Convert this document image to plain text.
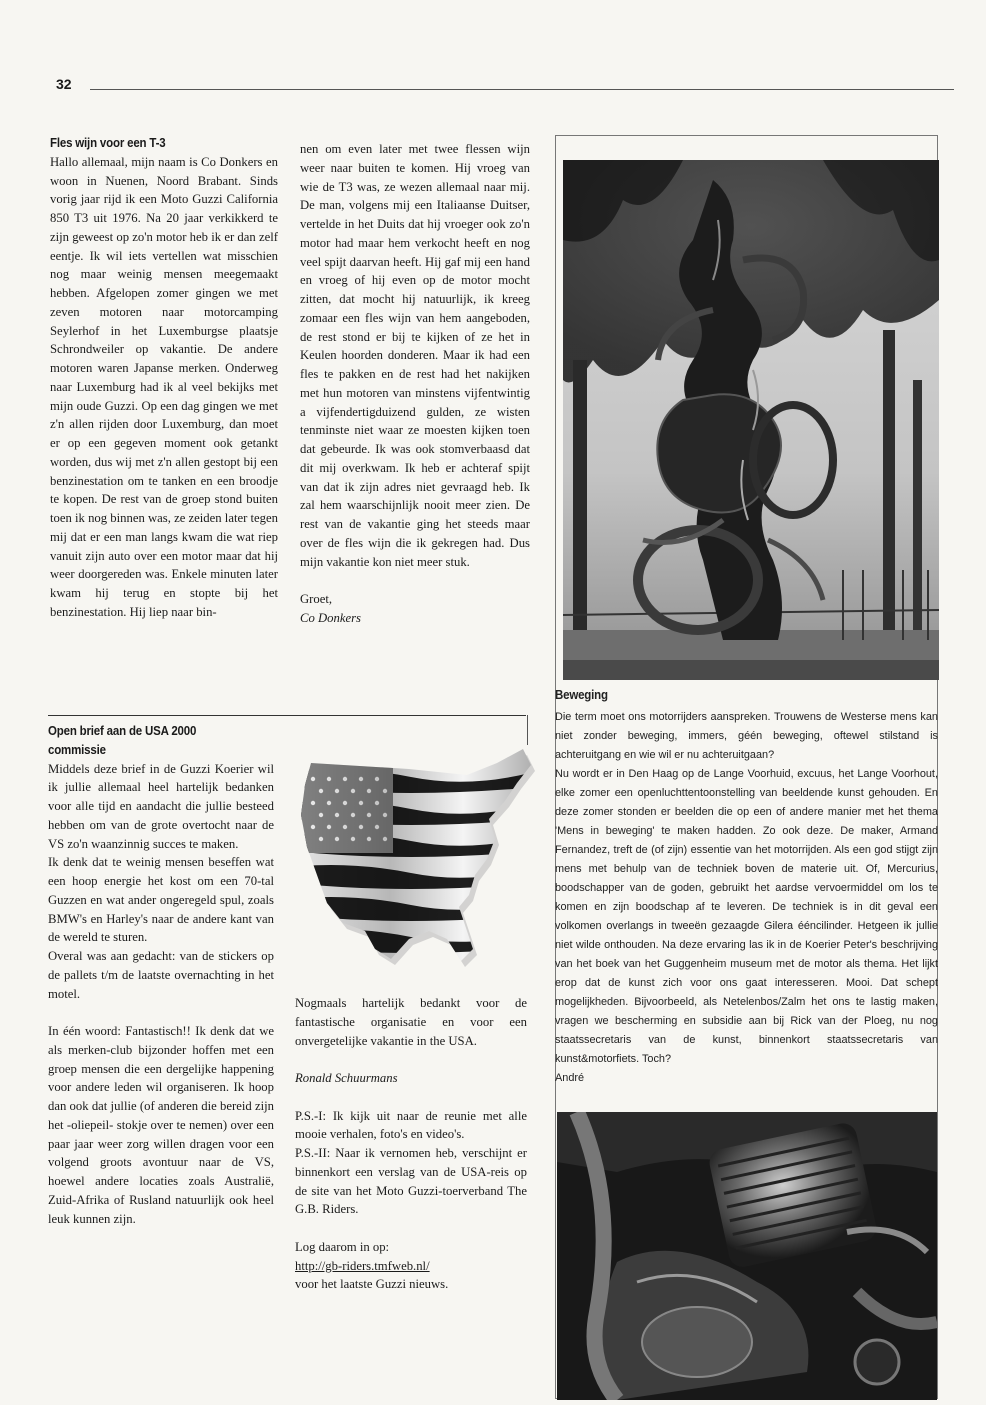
32
Fles wijn voor een T-3

Hallo allemaal, mijn naam is Co Donkers en woon in Nuenen, Noord Brabant. Sinds vorig jaar rijd ik een Moto Guzzi California 850 T3 uit 1976. Na 20 jaar verkikkerd te zijn geweest op zo'n motor heb ik er dan zelf eentje. Ik wil iets vertellen wat misschien nog maar weinig mensen meegemaakt hebben. Afgelopen zomer gingen we met zeven motoren naar motorcamping Seylerhof in het Luxemburgse plaatsje Schrondweiler op vakantie. De andere motoren waren Japanse merken. Onderweg naar Luxemburg had ik al veel bekijks met mijn oude Guzzi. Op een dag gingen we met z'n allen rijden door Luxemburg, dan moet er op een gegeven moment ook getankt worden, dus wij met z'n allen gestopt bij een benzinestation om te tanken en een broodje te kopen. De rest van de groep stond buiten toen ik nog binnen was, ze zeiden later tegen mij dat er een man langs kwam die wat riep vanuit zijn auto over een motor maar dat hij weer doorgereden was. Enkele minuten later kwam hij terug en stopte bij het benzinestation. Hij liep naar bin-

nen om even later met twee flessen wijn weer naar buiten te komen. Hij vroeg van wie de T3 was, ze wezen allemaal naar mij. De man, volgens mij een Italiaanse Duitser, vertelde in het Duits dat hij vroeger ook zo'n motor had maar hem verkocht heeft en nog veel spijt daarvan heeft. Hij gaf mij een hand en vroeg of hij even op de motor mocht zitten, dat mocht hij natuurlijk, ik kreeg zomaar een fles wijn van hem aangeboden, de rest stond er bij te kijken of ze het in Keulen hoorden donderen. Maar ik had een fles te pakken en de rest had het nakijken met hun motoren van minstens vijfentwintig a vijfendertigduizend gulden, ze wisten tenminste niet waar ze moesten kijken toen dat gebeurde. Ik was ook stomverbaasd dat dit mij overkwam. Ik heb er achteraf spijt van dat ik zijn adres niet gevraagd heb. Ik zal hem waarschijnlijk nooit meer zien. De rest van de vakantie ging het steeds maar over de fles wijn die ik gekregen had. Dus mijn vakantie kon niet meer stuk.

Groet,

Co Donkers

Open brief aan de USA 2000 commissie

Middels deze brief in de Guzzi Koerier wil ik jullie allemaal heel hartelijk bedanken voor alle tijd en aandacht die jullie besteed hebben om van de grote overtocht naar de VS zo'n waanzinnig succes te maken.

Ik denk dat te weinig mensen beseffen wat een hoop energie het kost om een 70-tal Guzzen en wat ander ongeregeld spul, zoals BMW's en Harley's naar de andere kant van de wereld te sturen.

Overal was aan gedacht: van de stickers op de pallets t/m de laatste overnachting in het motel.

In één woord: Fantastisch!! Ik denk dat we als merken-club bijzonder hoffen met een groep mensen die een dergelijke happening voor andere leden wil organiseren. Ik hoop dan ook dat jullie (of anderen die bereid zijn het -oliepeil- stokje over te nemen) over een paar jaar weer zorg willen dragen voor een volgend groots avontuur naar de VS, hoewel andere locaties zoals Australië, Zuid-Afrika of Rusland natuurlijk ook heel leuk kunnen zijn.

Nogmaals hartelijk bedankt voor de fantastische organisatie en voor een onvergetelijke vakantie in the USA.

Ronald Schuurmans

P.S.-I: Ik kijk uit naar de reunie met alle mooie verhalen, foto's en video's.

P.S.-II: Naar ik vernomen heb, verschijnt er binnenkort een verslag van de USA-reis op de site van het Moto Guzzi-toerverband The G.B. Riders.

Log daarom in op:

http://gb-riders.tmfweb.nl/

voor het laatste Guzzi nieuws.

Beweging

Die term moet ons motorrijders aanspreken. Trouwens de Westerse mens kan niet zonder beweging, immers, géén beweging, oftewel stilstand is achteruitgang en wie wil er nu achteruitgaan?

Nu wordt er in Den Haag op de Lange Voorhuid, excuus, het Lange Voorhout, elke zomer een openluchttentoonstelling van beeldende kunst gehouden. En deze zomer stonden er beelden die op een of andere manier met het thema 'Mens in beweging' te maken hadden. Zo ook deze. De maker, Armand Fernandez, treft de (of zijn) essentie van het motorrijden. Als een god stijgt zijn mens met behulp van de techniek boven de materie uit. Of, Mercurius, boodschapper van de goden, gebruikt het aardse vervoermiddel om los te komen en zijn boodschap af te leveren. De techniek is in dit geval een volkomen overlangs in tweeën gezaagde Gilera ééncilinder. Hetgeen ik jullie niet wilde onthouden. Na deze ervaring las ik in de Koerier Peter's beschrijving van het boek van het Guggenheim museum met de motor als thema. Het lijkt erop dat de kunst zich voor ons gaat interesseren. Mooi. Dat schept mogelijkheden. Bijvoorbeeld, als Netelenbos/Zalm het ons te lastig maken, vragen we bescherming en subsidie aan bij Rick van der Ploeg, nu nog staatssecretaris van de kunst, binnenkort staatssecretaris van kunst&motorfiets. Toch?

André
